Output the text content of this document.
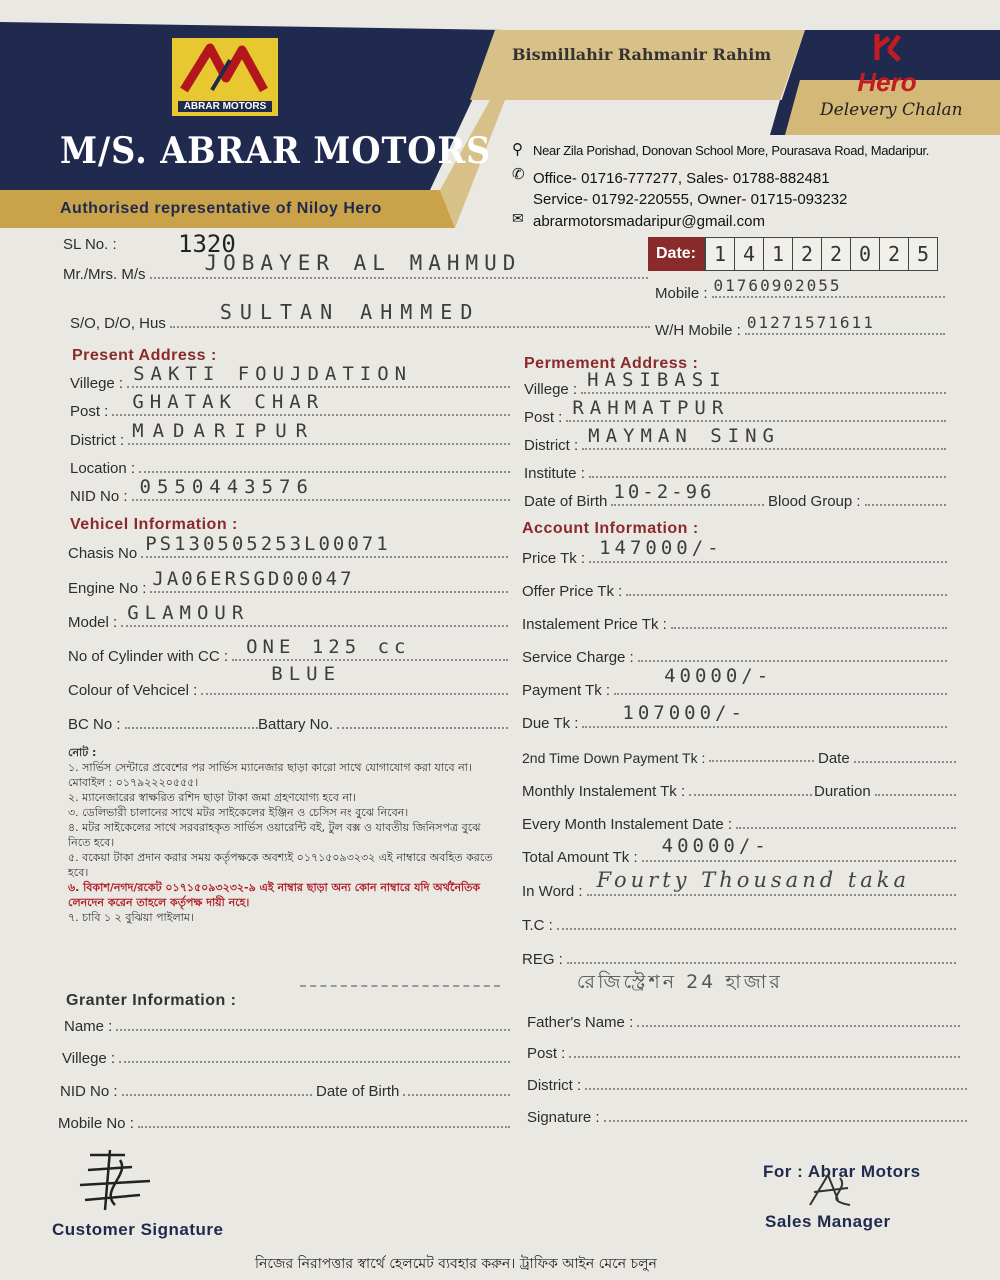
ABRAR MOTORS
M/S. ABRAR MOTORS
Authorised representative of Niloy Hero
Bismillahir Rahmanir Rahim
Hero
Delevery Chalan
⚲ Near Zila Porishad, Donovan School More, Pourasava Road, Madaripur.
✆ Office- 01716-777277, Sales- 01788-882481
Service- 01792-220555, Owner- 01715-093232
✉ abrarmotorsmadaripur@gmail.com
SL No. :	1320	Date: 1 4 1 2 2 0 2 5
Mr./Mrs. M/s	JOBAYER AL MAHMUD
Mobile : 01760902055
S/O, D/O, Hus	SULTAN AHMMED
W/H Mobile : 01271571611
Present Address :
Villege : SAKTI FOUJDATION
Post : GHATAK CHAR
District : MADARIPUR
Location :
NID No : 0550443576
Permement Address :
Villege : HASIBASI
Post : RAHMATPUR
District : MAYMAN SING
Institute :
Date of Birth 10-2-96	Blood Group :
Vehicel Information :
Chasis No PS130505253L00071
Engine No : JA06ERSGD00047
Model : GLAMOUR
No of Cylinder with CC : ONE 125 cc
Colour of Vehcicel :
BLUE
BC No :	Battary No.
Account Information :
Price Tk : 147000/-
Offer Price Tk :
Instalement Price Tk :
Service Charge :
Payment Tk :
40000/-
Due Tk : 107000/-
2nd Time Down Payment Tk :	Date
Monthly Instalement Tk :	Duration
Every Month Instalement Date :
Total Amount Tk :
40000/-
In Word : Fourty Thousand taka
T.C :
REG :
রেজিস্ট্রেশন 24 হাজার
নোট :
১. সার্ভিস সেন্টারে প্রবেশের পর সার্ভিস ম্যানেজার ছাড়া কারো সাথে যোগাযোগ করা যাবে না। মোবাইল : ০১৭৯২২২০৫৫৫।
২. ম্যানেজারের স্বাক্ষরিত রশিদ ছাড়া টাকা জমা গ্রহণযোগ্য হবে না।
৩. ডেলিভারী চালানের সাথে মটর সাইকেলের ইঞ্জিন ও চেসিস নং বুঝে নিবেন।
৪. মটর সাইকেলের সাথে সরবরাহকৃত সার্ভিস ওয়ারেন্টি বই, টুল বক্স ও যাবতীয় জিনিসপত্র বুঝে নিতে হবে।
৫. বকেয়া টাকা প্রদান করার সময় কর্তৃপক্ষকে অবশ্যই ০১৭১৫০৯৩২৩২ এই নাম্বারে অবহিত করতে হবে।
৬. বিকাশ/নগদ/রকেট ০১৭১৫০৯৩২৩২-৯ এই নাম্বার ছাড়া অন্য কোন নাম্বারে যদি অর্থনৈতিক লেনদেন করেন তাহলে কর্তৃপক্ষ দায়ী নহে।
৭. চাবি ১ ২ বুঝিয়া পাইলাম।
Granter Information :
Name :
Villege :
NID No :	Date of Birth
Mobile No :
Father's Name :
Post :
District :
Signature :
Customer Signature
For : Abrar Motors
Sales Manager
নিজের নিরাপত্তার স্বার্থে হেলমেট ব্যবহার করুন। ট্রাফিক আইন মেনে চলুন
